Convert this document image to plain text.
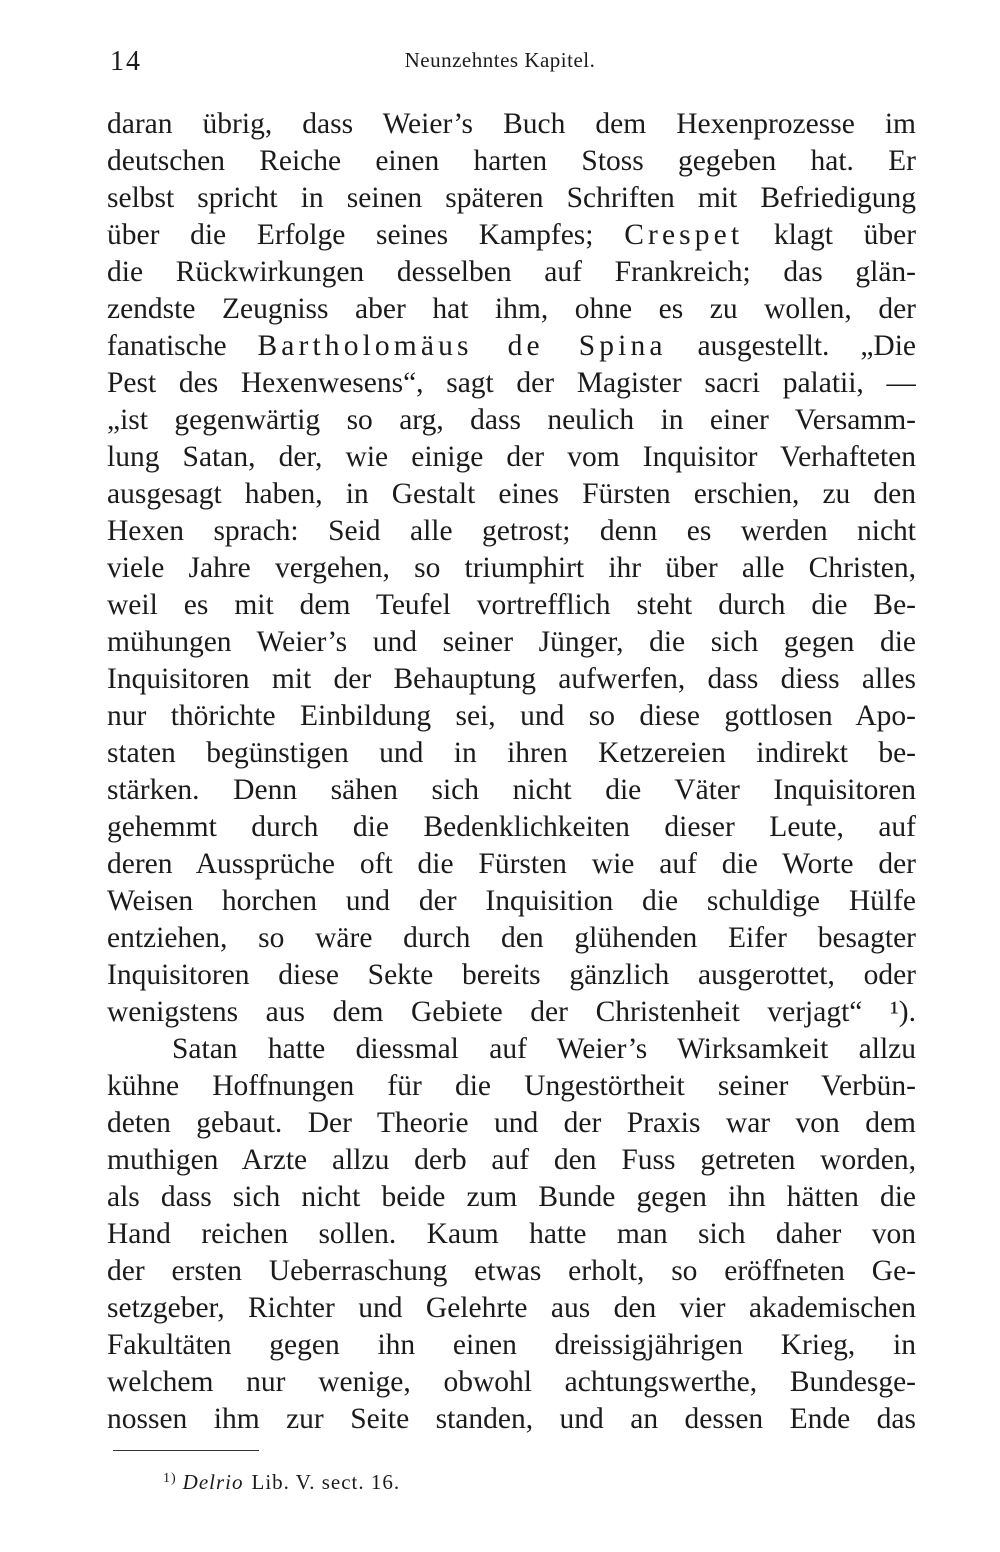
14	Neunzehntes Kapitel.
daran übrig, dass Weier’s Buch dem Hexenprozesse im
deutschen Reiche einen harten Stoss gegeben hat. Er
selbst spricht in seinen späteren Schriften mit Befriedigung
über die Erfolge seines Kampfes; Crespet klagt über
die Rückwirkungen desselben auf Frankreich; das glän-
zendste Zeugniss aber hat ihm, ohne es zu wollen, der
fanatische Bartholomäus de Spina ausgestellt. „Die
Pest des Hexenwesens“, sagt der Magister sacri palatii, —
„ist gegenwärtig so arg, dass neulich in einer Versamm-
lung Satan, der, wie einige der vom Inquisitor Verhafteten
ausgesagt haben, in Gestalt eines Fürsten erschien, zu den
Hexen sprach: Seid alle getrost; denn es werden nicht
viele Jahre vergehen, so triumphirt ihr über alle Christen,
weil es mit dem Teufel vortrefflich steht durch die Be-
mühungen Weier’s und seiner Jünger, die sich gegen die
Inquisitoren mit der Behauptung aufwerfen, dass diess alles
nur thörichte Einbildung sei, und so diese gottlosen Apo-
staten begünstigen und in ihren Ketzereien indirekt be-
stärken. Denn sähen sich nicht die Väter Inquisitoren
gehemmt durch die Bedenklichkeiten dieser Leute, auf
deren Aussprüche oft die Fürsten wie auf die Worte der
Weisen horchen und der Inquisition die schuldige Hülfe
entziehen, so wäre durch den glühenden Eifer besagter
Inquisitoren diese Sekte bereits gänzlich ausgerottet, oder
wenigstens aus dem Gebiete der Christenheit verjagt“ ¹).
Satan hatte diessmal auf Weier’s Wirksamkeit allzu
kühne Hoffnungen für die Ungestörtheit seiner Verbün-
deten gebaut. Der Theorie und der Praxis war von dem
muthigen Arzte allzu derb auf den Fuss getreten worden,
als dass sich nicht beide zum Bunde gegen ihn hätten die
Hand reichen sollen. Kaum hatte man sich daher von
der ersten Ueberraschung etwas erholt, so eröffneten Ge-
setzgeber, Richter und Gelehrte aus den vier akademischen
Fakultäten gegen ihn einen dreissigjährigen Krieg, in
welchem nur wenige, obwohl achtungswerthe, Bundesge-
nossen ihm zur Seite standen, und an dessen Ende das
$^{1)}$ Delrio Lib. V. sect. 16.
